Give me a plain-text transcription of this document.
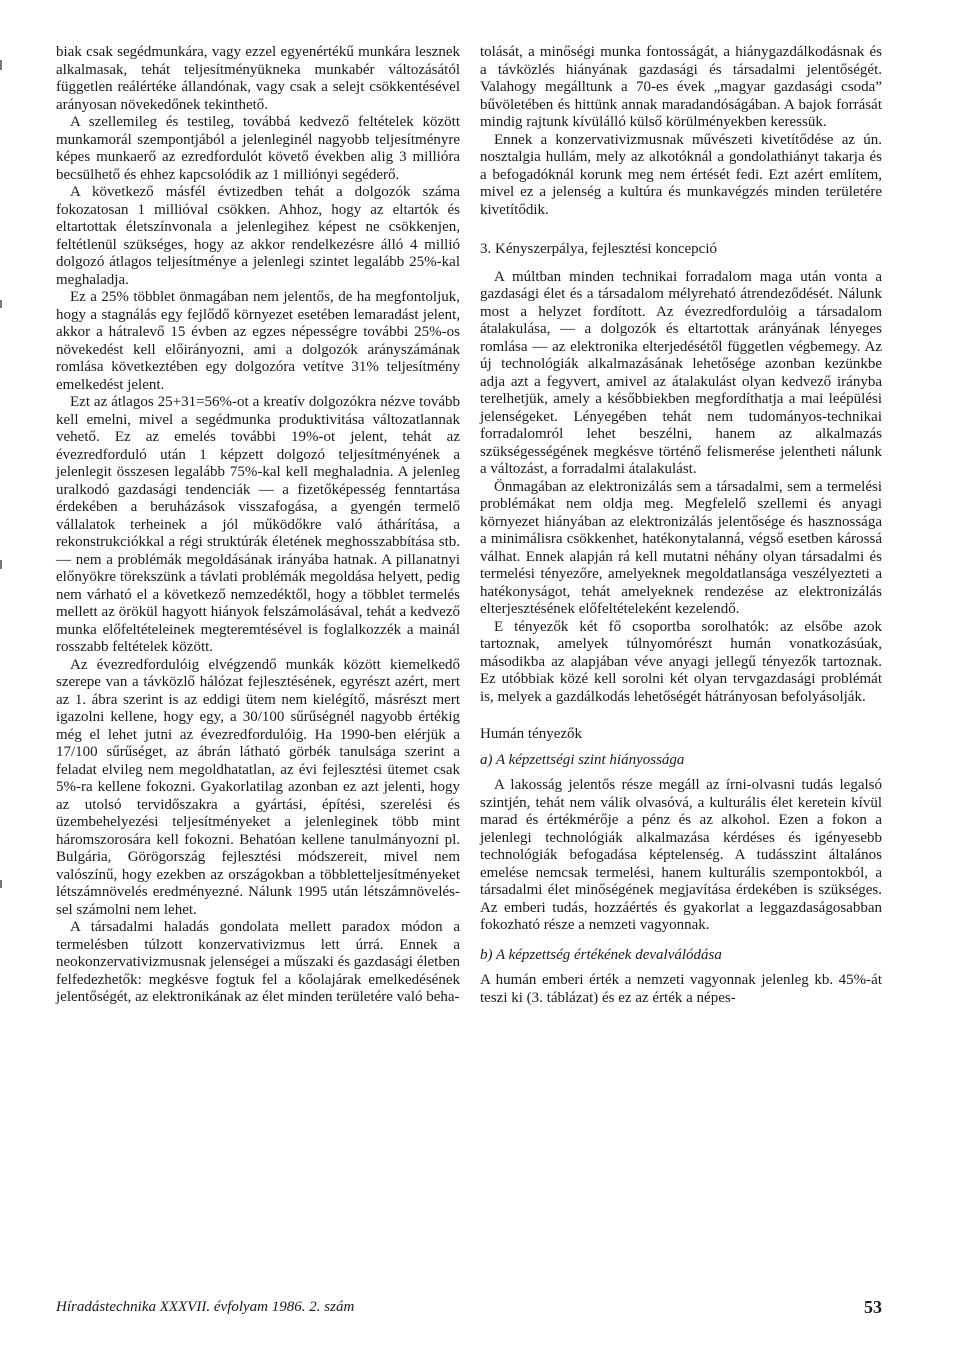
biak csak segédmunkára, vagy ezzel egyenértékű munkára lesznek alkalmasak, tehát teljesítményükneka munkabér változásától független reálértéke állandónak, vagy csak a selejt csökkentésével arányosan növekedőnek tekinthető.

A szellemileg és testileg, továbbá kedvező feltételek között munkamorál szempontjából a jelenleginél nagyobb teljesítményre képes munkaerő az ezredfordulót követő években alig 3 millióra becsülhető és ehhez kapcsolódik az 1 milliónyi segéderő.

A következő másfél évtizedben tehát a dolgozók száma fokozatosan 1 millióval csökken. Ahhoz, hogy az eltartók és eltartottak életszínvonala a jelenlegihez képest ne csökkenjen, feltétlenül szükséges, hogy az akkor rendelkezésre álló 4 millió dolgozó átlagos teljesítménye a jelenlegi szintet legalább 25%-kal meghaladja.

Ez a 25% többlet önmagában nem jelentős, de ha megfontoljuk, hogy a stagnálás egy fejlődő környezet esetében lemaradást jelent, akkor a hátralevő 15 évben az egzes népességre további 25%-os növekedést kell előirányozni, ami a dolgozók arányszámának romlása következtében egy dolgozóra vetítve 31% teljesítmény emelkedést jelent.

Ezt az átlagos 25+31=56%-ot a kreatív dolgozókra nézve tovább kell emelni, mivel a segédmunka produktivitása változatlannak vehető. Ez az emelés további 19%-ot jelent, tehát az évezredforduló után 1 képzett dolgozó teljesítményének a jelenlegit összesen legalább 75%-kal kell meghaladnia. A jelenleg uralkodó gazdasági tendenciák — a fizetőképesség fenntartása érdekében a beruházások visszafogása, a gyengén termelő vállalatok terheinek a jól működőkre való áthárítása, a rekonstrukciókkal a régi struktúrák életének meghosszabbítása stb. — nem a problémák megoldásának irányába hatnak. A pillanatnyi előnyökre törekszünk a távlati problémák megoldása helyett, pedig nem várható el a következő nemzedéktől, hogy a többlet termelés mellett az örökül hagyott hiányok felszámolásával, tehát a kedvező munka előfeltételeinek megteremtésével is foglalkozzék a mainál rosszabb feltételek között.

Az évezredfordulóig elvégzendő munkák között kiemelkedő szerepe van a távközlő hálózat fejlesztésének, egyrészt azért, mert az 1. ábra szerint is az eddigi ütem nem kielégítő, másrészt mert igazolni kellene, hogy egy, a 30/100 sűrűségnél nagyobb értékig még el lehet jutni az évezredfordulóig. Ha 1990-ben elérjük a 17/100 sűrűséget, az ábrán látható görbék tanulsága szerint a feladat elvileg nem megoldhatatlan, az évi fejlesztési ütemet csak 5%-ra kellene fokozni. Gyakorlatilag azonban ez azt jelenti, hogy az utolsó tervidőszakra a gyártási, építési, szerelési és üzembehelyezési teljesítményeket a jelenleginek több mint háromszorosára kell fokozni. Behatóan kellene tanulmányozni pl. Bulgária, Görögország fejlesztési módszereit, mivel nem valószínű, hogy ezekben az országokban a többletteljesítményeket létszámnövelés eredményezné. Nálunk 1995 után létszámnöveléssel számolni nem lehet.

A társadalmi haladás gondolata mellett paradox módon a termelésben túlzott konzervativizmus lett úrrá. Ennek a neokonzervativizmusnak jelenségei a műszaki és gazdasági életben felfedezhetők: megkésve fogtuk fel a kőolajárak emelkedésének jelentőségét, az elektronikának az élet minden területére való beha-

tolását, a minőségi munka fontosságát, a hiánygazdálkodásnak és a távközlés hiányának gazdasági és társadalmi jelentőségét. Valahogy megálltunk a 70-es évek „magyar gazdasági csoda” bűvöletében és hittünk annak maradandóságában. A bajok forrását mindig rajtunk kívülálló külső körülményekben keressük.

Ennek a konzervativizmusnak művészeti kivetítődése az ún. nosztalgia hullám, mely az alkotóknál a gondolathiányt takarja és a befogadóknál korunk meg nem értését fedi. Ezt azért említem, mivel ez a jelenség a kultúra és munkavégzés minden területére kivetítődik.

3. Kényszerpálya, fejlesztési koncepció

A múltban minden technikai forradalom maga után vonta a gazdasági élet és a társadalom mélyreható átrendeződését. Nálunk most a helyzet fordított. Az évezredfordulóig a társadalom átalakulása, — a dolgozók és eltartottak arányának lényeges romlása — az elektronika elterjedésétől független végbemegy. Az új technológiák alkalmazásának lehetősége azonban kezünkbe adja azt a fegyvert, amivel az átalakulást olyan kedvező irányba terelhetjük, amely a későbbiekben megfordíthatja a mai leépülési jelenségeket. Lényegében tehát nem tudományos-technikai forradalomról lehet beszélni, hanem az alkalmazás szükségességének megkésve történő felismerése jelentheti nálunk a változást, a forradalmi átalakulást.

Önmagában az elektronizálás sem a társadalmi, sem a termelési problémákat nem oldja meg. Megfelelő szellemi és anyagi környezet hiányában az elektronizálás jelentősége és hasznossága a minimálisra csökkenhet, hatékonytalanná, végső esetben károssá válhat. Ennek alapján rá kell mutatni néhány olyan társadalmi és termelési tényezőre, amelyeknek megoldatlansága veszélyezteti a hatékonyságot, tehát amelyeknek rendezése az elektronizálás elterjesztésének előfeltételeként kezelendő.

E tényezők két fő csoportba sorolhatók: az elsőbe azok tartoznak, amelyek túlnyomórészt humán vonatkozásúak, másodikba az alapjában véve anyagi jellegű tényezők tartoznak. Ez utóbbiak közé kell sorolni két olyan tervgazdasági problémát is, melyek a gazdálkodás lehetőségét hátrányosan befolyásolják.

Humán tényezők
a) A képzettségi szint hiányossága

A lakosság jelentős része megáll az írni-olvasni tudás legalsó szintjén, tehát nem válik olvasóvá, a kulturális élet keretein kívül marad és értékmérője a pénz és az alkohol. Ezen a fokon a jelenlegi technológiák alkalmazása kérdéses és igényesebb technológiák befogadása képtelenség. A tudásszint általános emelése nemcsak termelési, hanem kulturális szempontokból, a társadalmi élet minőségének megjavítása érdekében is szükséges. Az emberi tudás, hozzáértés és gyakorlat a leggazdaságosabban fokozható része a nemzeti vagyonnak.

b) A képzettség értékének devalválódása

A humán emberi érték a nemzeti vagyonnak jelenleg kb. 45%-át teszi ki (3. táblázat) és ez az érték a népes-

Híradástechnika XXXVII. évfolyam 1986. 2. szám	53
